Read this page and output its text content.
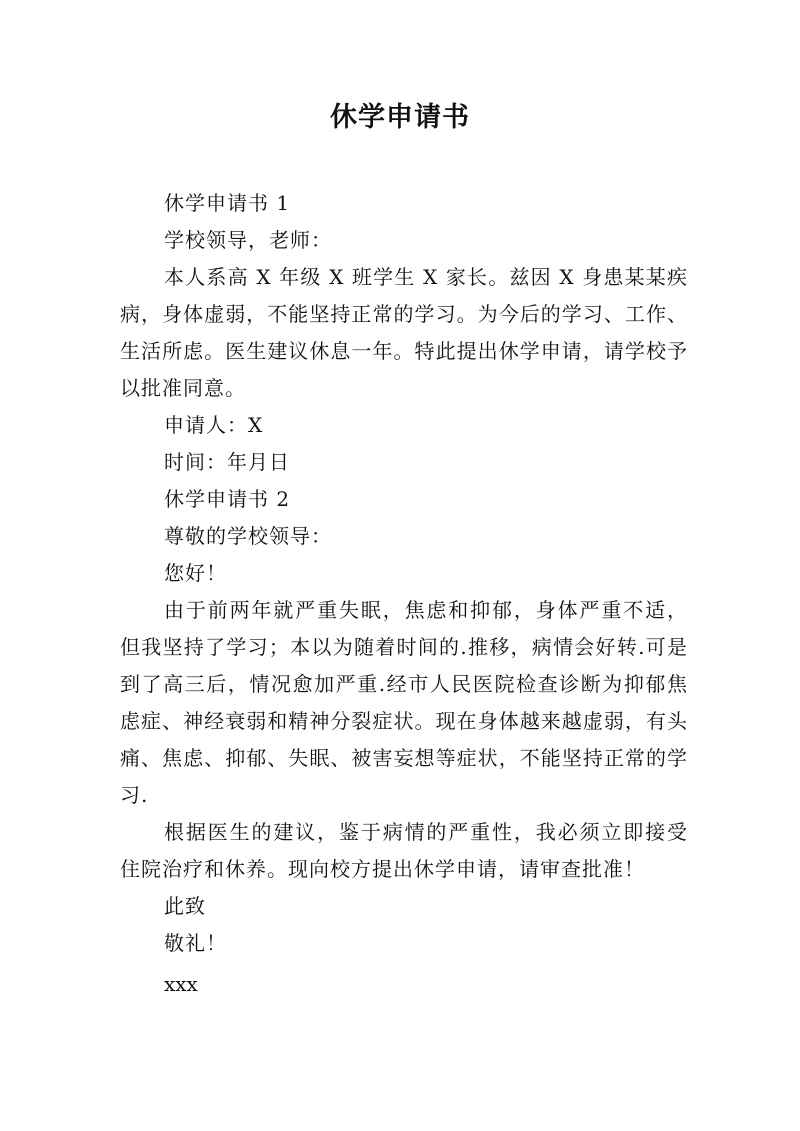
休学申请书

休学申请书 1

学校领导，老师：

本人系高 X 年级 X 班学生 X 家长。兹因 X 身患某某疾病，身体虚弱，不能坚持正常的学习。为今后的学习、工作、生活所虑。医生建议休息一年。特此提出休学申请，请学校予以批准同意。

申请人：X

时间：年月日

休学申请书 2

尊敬的学校领导：

您好！

由于前两年就严重失眠，焦虑和抑郁，身体严重不适，但我坚持了学习；本以为随着时间的.推移，病情会好转.可是到了高三后，情况愈加严重.经市人民医院检查诊断为抑郁焦虑症、神经衰弱和精神分裂症状。现在身体越来越虚弱，有头痛、焦虑、抑郁、失眠、被害妄想等症状，不能坚持正常的学习.

根据医生的建议，鉴于病情的严重性，我必须立即接受住院治疗和休养。现向校方提出休学申请，请审查批准！

此致

敬礼！

xxx
